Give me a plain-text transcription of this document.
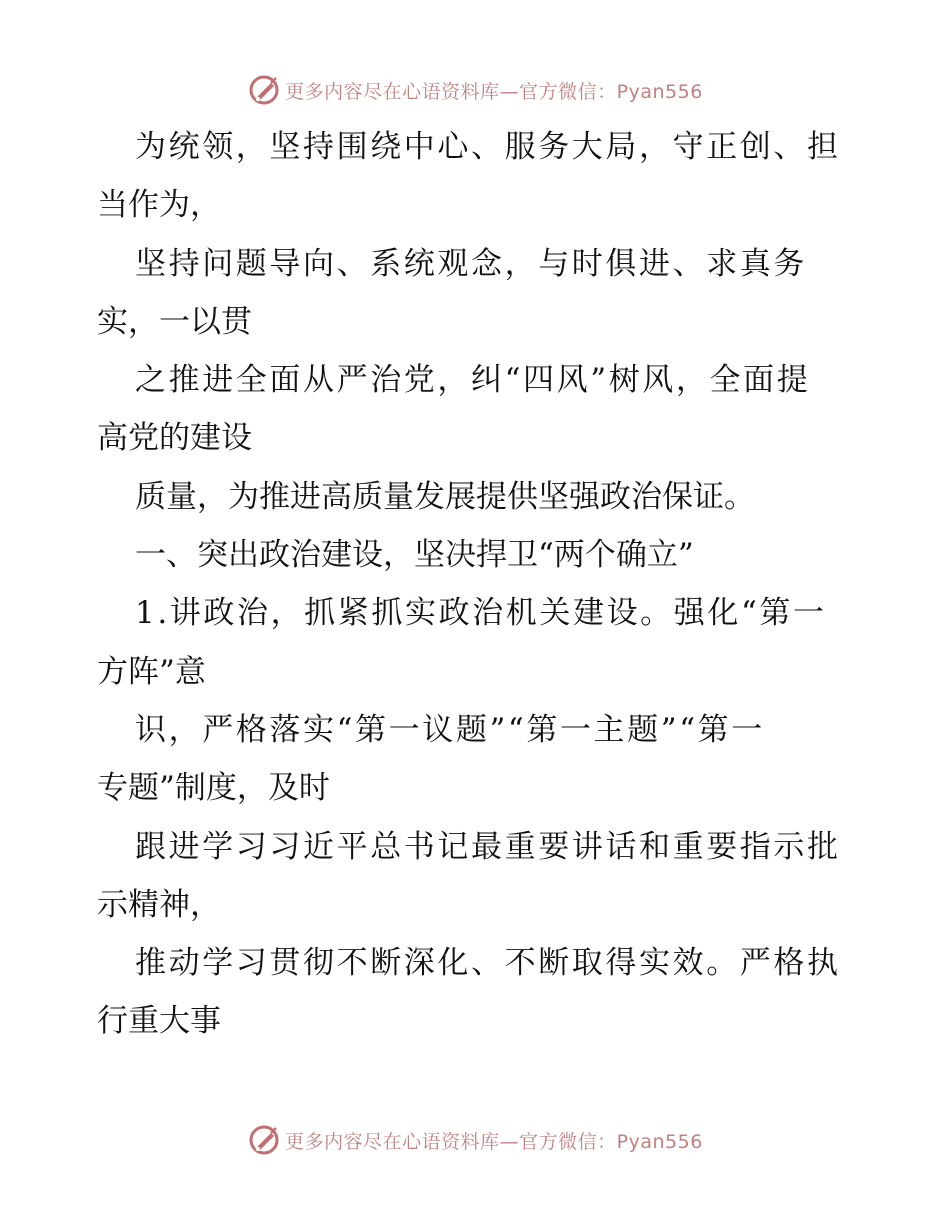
更多内容尽在心语资料库—官方微信：Pyan556
为统领，坚持围绕中心、服务大局，守正创、担
当作为，
坚持问题导向、系统观念，与时俱进、求真务
实，一以贯
之推进全面从严治党，纠“四风”树风，全面提
高党的建设
质量，为推进高质量发展提供坚强政治保证。
一、突出政治建设，坚决捍卫“两个确立”
1.讲政治，抓紧抓实政治机关建设。强化“第一
方阵”意
识，严格落实“第一议题”“第一主题”“第一
专题”制度，及时
跟进学习习近平总书记最重要讲话和重要指示批
示精神，
推动学习贯彻不断深化、不断取得实效。严格执
行重大事
更多内容尽在心语资料库—官方微信：Pyan556
